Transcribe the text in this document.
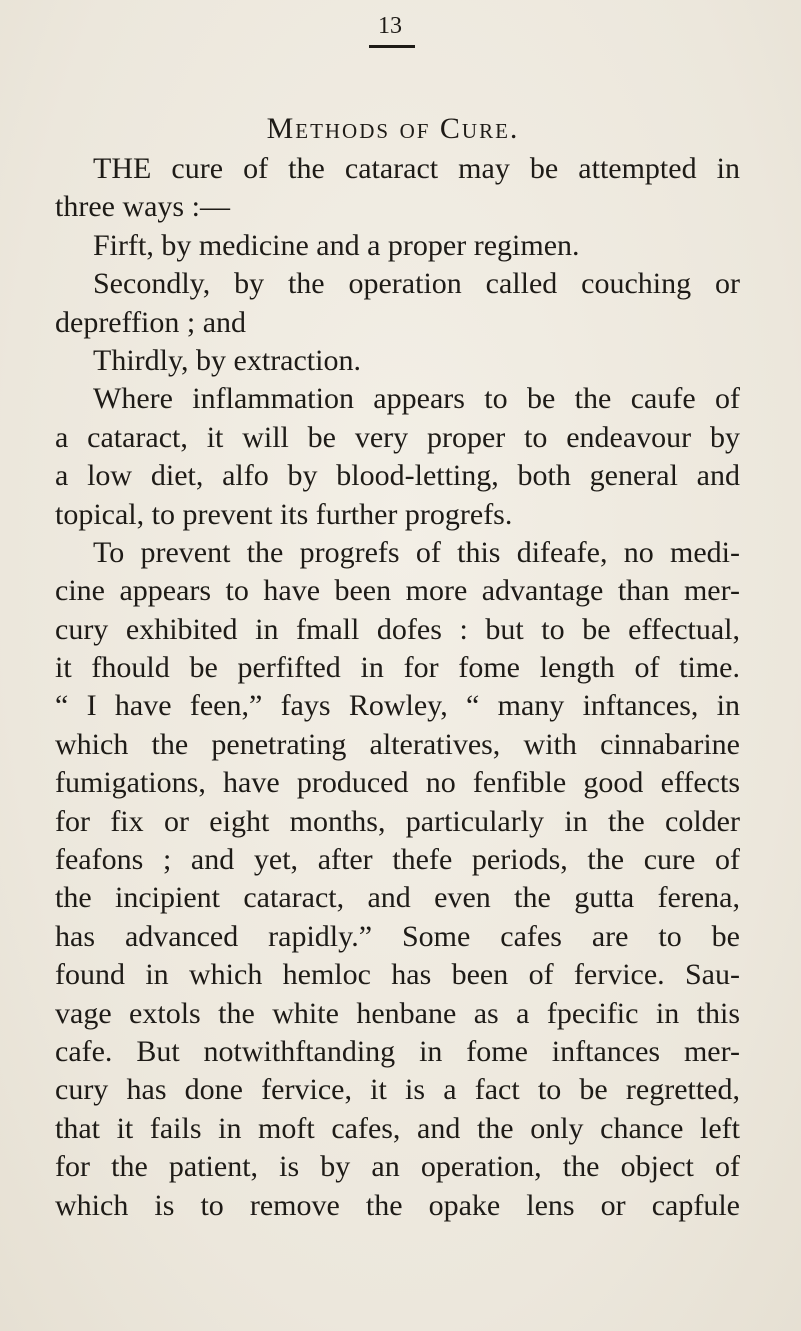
13
Methods of Cure.
THE cure of the cataract may be attempted in
three ways :—
Firft, by medicine and a proper regimen.
Secondly, by the operation called couching or
depreffion ; and
Thirdly, by extraction.
Where inflammation appears to be the caufe of
a cataract, it will be very proper to endeavour by
a low diet, alfo by blood-letting, both general and
topical, to prevent its further progrefs.
To prevent the progrefs of this difeafe, no medi-
cine appears to have been more advantage than mer-
cury exhibited in fmall dofes : but to be effectual,
it fhould be perfifted in for fome length of time.
“ I have feen,” fays Rowley, “ many inftances, in
which the penetrating alteratives, with cinnabarine
fumigations, have produced no fenfible good effects
for fix or eight months, particularly in the colder
feafons ; and yet, after thefe periods, the cure of
the incipient cataract, and even the gutta ferena,
has advanced rapidly.” Some cafes are to be
found in which hemloc has been of fervice. Sau-
vage extols the white henbane as a fpecific in this
cafe. But notwithftanding in fome inftances mer-
cury has done fervice, it is a fact to be regretted,
that it fails in moft cafes, and the only chance left
for the patient, is by an operation, the object of
which is to remove the opake lens or capfule
